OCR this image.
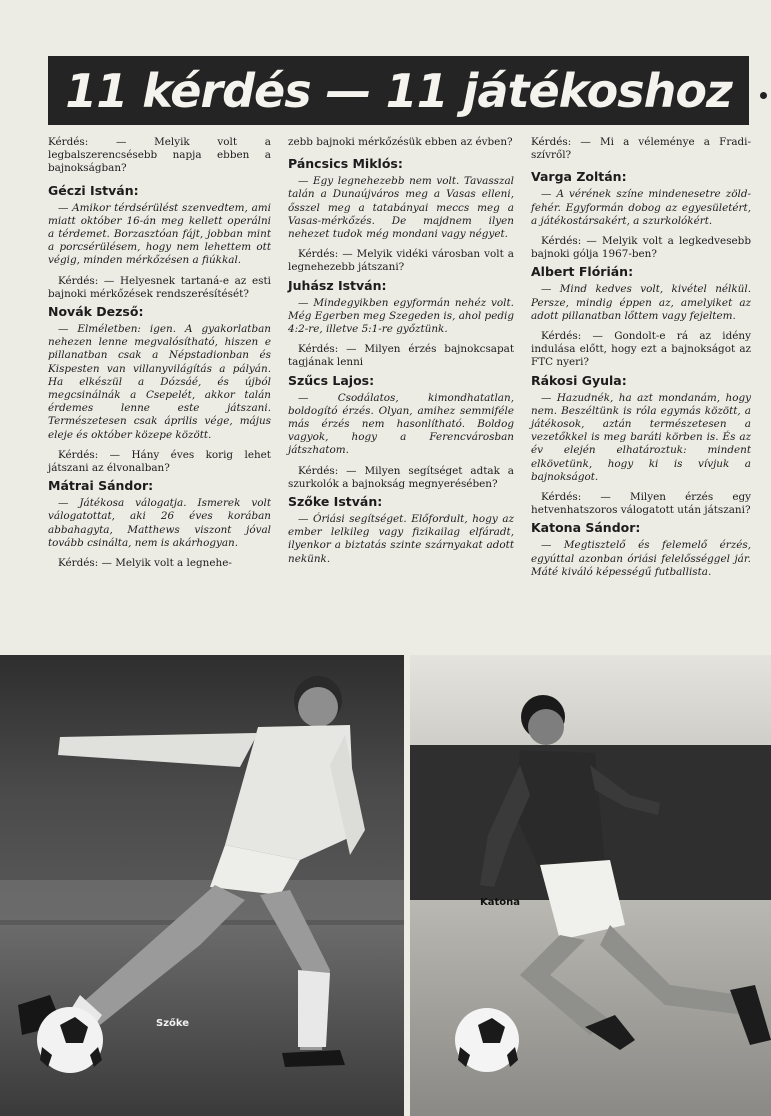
11 kérdés — 11 játékoshoz

Kérdés: — Melyik volt a legbalszerencsésebb napja ebben a bajnokságban?

Géczi István:

— Amikor térdsérülést szenvedtem, ami miatt október 16-án meg kellett operálni a térdemet. Borzasztóan fájt, jobban mint a porcsérülésem, hogy nem lehettem ott végig, minden mérkőzésen a fiúkkal.

Kérdés: — Helyesnek tartaná-e az esti bajnoki mérkőzések rendszerésítését?

Novák Dezső:

— Elméletben: igen. A gyakorlatban nehezen lenne megvalósítható, hiszen e pillanatban csak a Népstadionban és Kispesten van villanyvilágítás a pályán. Ha elkészül a Dózsáé, és újból megcsinálnák a Csepelét, akkor talán érdemes lenne este játszani. Természetesen csak április vége, május eleje és október közepe között.

Kérdés: — Hány éves korig lehet játszani az élvonalban?

Mátrai Sándor:

— Játékosa válogatja. Ismerek volt válogatottat, aki 26 éves korában abbahagyta, Matthews viszont jóval tovább csinálta, nem is akárhogyan.

Kérdés: — Melyik volt a legnehe-

zebb bajnoki mérkőzésük ebben az évben?

Páncsics Miklós:

— Egy legnehezebb nem volt. Tavasszal talán a Dunaújváros meg a Vasas elleni, ősszel meg a tatabányai meccs meg a Vasas-mérkőzés. De majdnem ilyen nehezet tudok még mondani vagy négyet.

Kérdés: — Melyik vidéki városban volt a legnehezebb játszani?

Juhász István:

— Mindegyikben egyformán nehéz volt. Még Egerben meg Szegeden is, ahol pedig 4:2-re, illetve 5:1-re győztünk.

Kérdés: — Milyen érzés bajnokcsapat tagjának lenni

Szűcs Lajos:

— Csodálatos, kimondhatatlan, boldogító érzés. Olyan, amihez semmiféle más érzés nem hasonlítható. Boldog vagyok, hogy a Ferencvárosban játszhatom.

Kérdés: — Milyen segítséget adtak a szurkolók a bajnokság megnyerésében?

Szőke István:

— Óriási segítséget. Előfordult, hogy az ember lelkileg vagy fizikailag elfáradt, ilyenkor a biztatás szinte szárnyakat adott nekünk.

Kérdés: — Mi a véleménye a Fradi-szívről?

Varga Zoltán:

— A vérének színe mindenesetre zöld-fehér. Egyformán dobog az egyesületért, a játékostársakért, a szurkolókért.

Kérdés: — Melyik volt a legkedvesebb bajnoki gólja 1967-ben?

Albert Flórián:

— Mind kedves volt, kivétel nélkül. Persze, mindig éppen az, amelyiket az adott pillanatban lőttem vagy fejeltem.

Kérdés: — Gondolt-e rá az idény indulása előtt, hogy ezt a bajnokságot az FTC nyeri?

Rákosi Gyula:

— Hazudnék, ha azt mondanám, hogy nem. Beszéltünk is róla egymás között, a játékosok, aztán természetesen a vezetőkkel is meg baráti körben is. És az év elején elhatároztuk: mindent elkövetünk, hogy ki is vívjuk a bajnokságot.

Kérdés: — Milyen érzés egy hetvenhatszoros válogatott után játszani?

Katona Sándor:

— Megtisztelő és felemelő érzés, egyúttal azonban óriási felelősséggel jár. Máté kiváló képességű futballista.

Szőke
Katona
